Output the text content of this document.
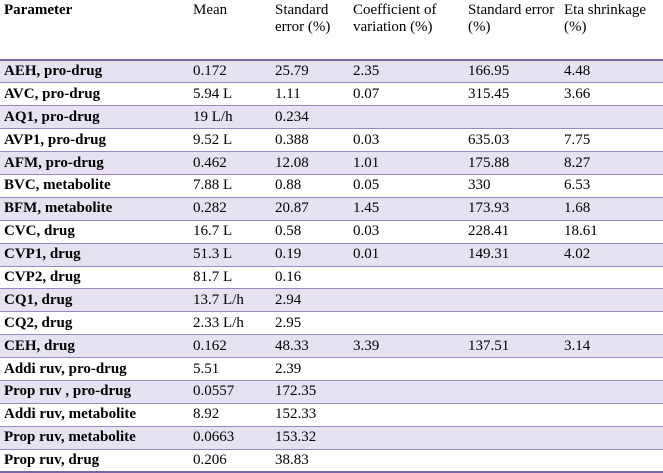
Parameter	Mean	Standard error (%)	Coefficient of variation (%)	Standard error (%)	Eta shrinkage (%)
AEH, pro-drug	0.172	25.79	2.35	166.95	4.48
AVC, pro-drug	5.94 L	1.11	0.07	315.45	3.66
AQ1, pro-drug	19 L/h	0.234			
AVP1, pro-drug	9.52 L	0.388	0.03	635.03	7.75
AFM, pro-drug	0.462	12.08	1.01	175.88	8.27
BVC, metabolite	7.88 L	0.88	0.05	330	6.53
BFM, metabolite	0.282	20.87	1.45	173.93	1.68
CVC, drug	16.7 L	0.58	0.03	228.41	18.61
CVP1, drug	51.3 L	0.19	0.01	149.31	4.02
CVP2, drug	81.7 L	0.16			
CQ1, drug	13.7 L/h	2.94			
CQ2, drug	2.33 L/h	2.95			
CEH, drug	0.162	48.33	3.39	137.51	3.14
Addi ruv, pro-drug	5.51	2.39			
Prop ruv , pro-drug	0.0557	172.35			
Addi ruv, metabolite	8.92	152.33			
Prop ruv, metabolite	0.0663	153.32			
Prop ruv, drug	0.206	38.83			
